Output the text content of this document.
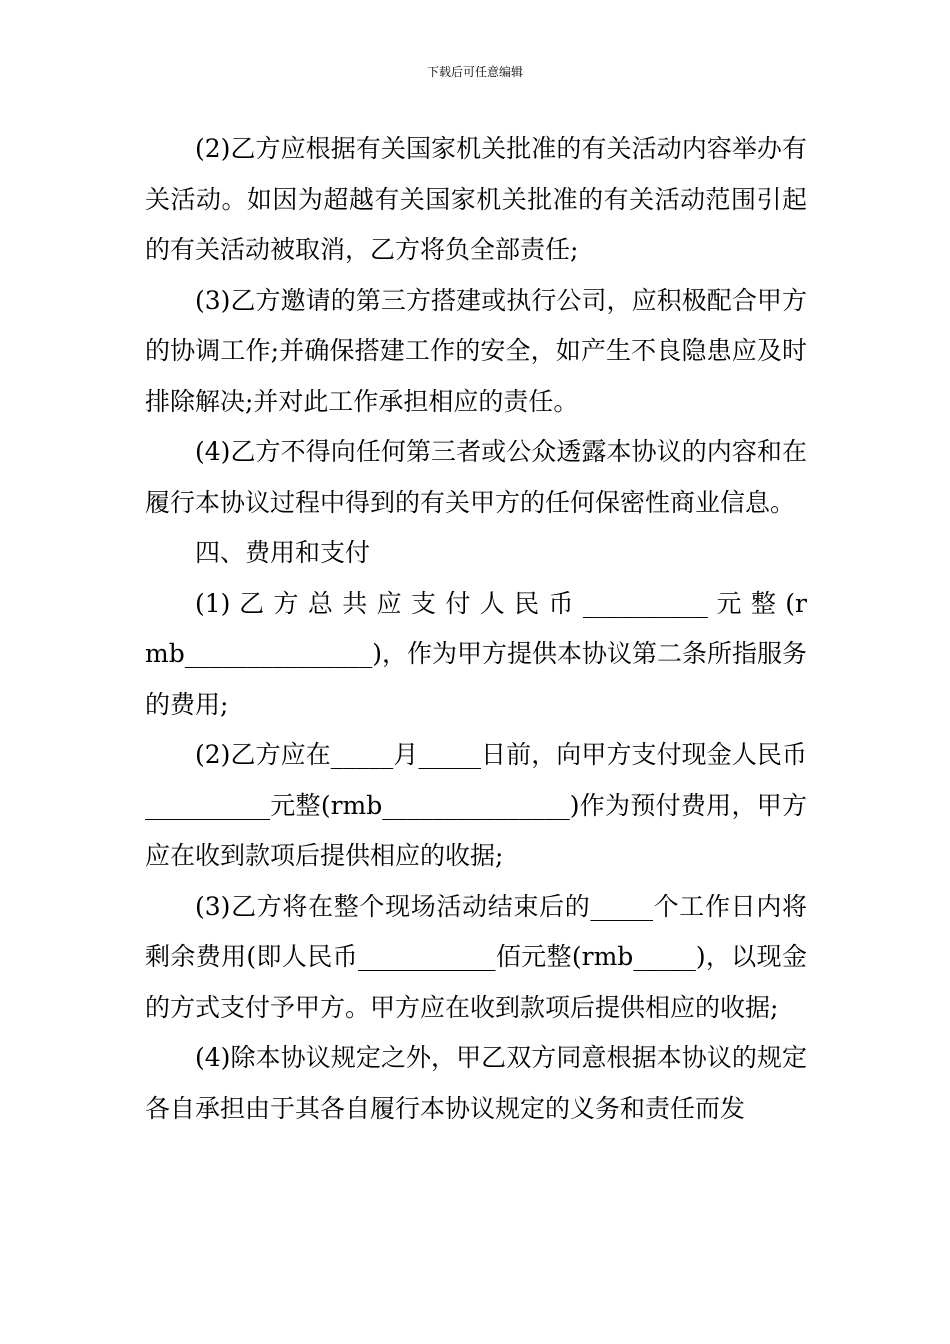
下载后可任意编辑

(2)乙方应根据有关国家机关批准的有关活动内容举办有关活动。如因为超越有关国家机关批准的有关活动范围引起的有关活动被取消，乙方将负全部责任;

(3)乙方邀请的第三方搭建或执行公司，应积极配合甲方的协调工作;并确保搭建工作的安全，如产生不良隐患应及时排除解决;并对此工作承担相应的责任。

(4)乙方不得向任何第三者或公众透露本协议的内容和在履行本协议过程中得到的有关甲方的任何保密性商业信息。

四、费用和支付

(1) 乙 方 总 共 应 支 付 人 民 币 __________ 元 整 (rmb_______________)，作为甲方提供本协议第二条所指服务的费用;

(2)乙方应在_____月_____日前，向甲方支付现金人民币__________元整(rmb_______________)作为预付费用，甲方应在收到款项后提供相应的收据;

(3)乙方将在整个现场活动结束后的_____个工作日内将剩余费用(即人民币___________佰元整(rmb_____)，以现金的方式支付予甲方。甲方应在收到款项后提供相应的收据;

(4)除本协议规定之外，甲乙双方同意根据本协议的规定各自承担由于其各自履行本协议规定的义务和责任而发
